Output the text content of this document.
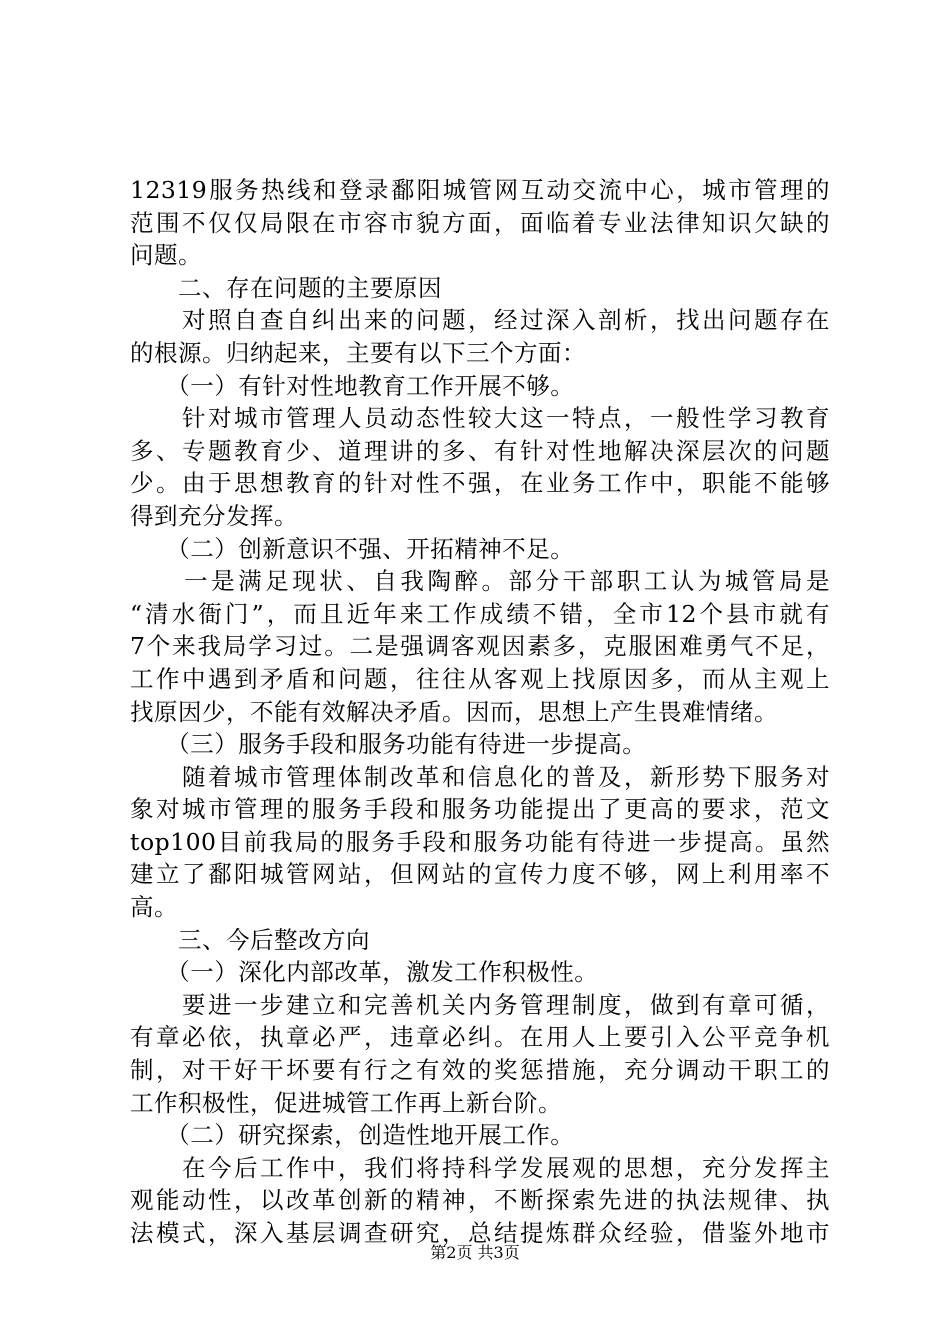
12319服务热线和登录鄱阳城管网互动交流中心，城市管理的
范围不仅仅局限在市容市貌方面，面临着专业法律知识欠缺的
问题。
　　二、存在问题的主要原因
　　对照自查自纠出来的问题，经过深入剖析，找出问题存在
的根源。归纳起来，主要有以下三个方面：
　　（一）有针对性地教育工作开展不够。
　　针对城市管理人员动态性较大这一特点，一般性学习教育
多、专题教育少、道理讲的多、有针对性地解决深层次的问题
少。由于思想教育的针对性不强，在业务工作中，职能不能够
得到充分发挥。
　　（二）创新意识不强、开拓精神不足。
　　一是满足现状、自我陶醉。部分干部职工认为城管局是
“清水衙门”，而且近年来工作成绩不错，全市12个县市就有
7个来我局学习过。二是强调客观因素多，克服困难勇气不足，
工作中遇到矛盾和问题，往往从客观上找原因多，而从主观上
找原因少，不能有效解决矛盾。因而，思想上产生畏难情绪。
　　（三）服务手段和服务功能有待进一步提高。
　　随着城市管理体制改革和信息化的普及，新形势下服务对
象对城市管理的服务手段和服务功能提出了更高的要求，范文
top100目前我局的服务手段和服务功能有待进一步提高。虽然
建立了鄱阳城管网站，但网站的宣传力度不够，网上利用率不
高。
　　三、今后整改方向
　　（一）深化内部改革，激发工作积极性。
　　要进一步建立和完善机关内务管理制度，做到有章可循，
有章必依，执章必严，违章必纠。在用人上要引入公平竞争机
制，对干好干坏要有行之有效的奖惩措施，充分调动干职工的
工作积极性，促进城管工作再上新台阶。
　　（二）研究探索，创造性地开展工作。
　　在今后工作中，我们将持科学发展观的思想，充分发挥主
观能动性，以改革创新的精神，不断探索先进的执法规律、执
法模式，深入基层调查研究，总结提炼群众经验，借鉴外地市
第2页 共3页
